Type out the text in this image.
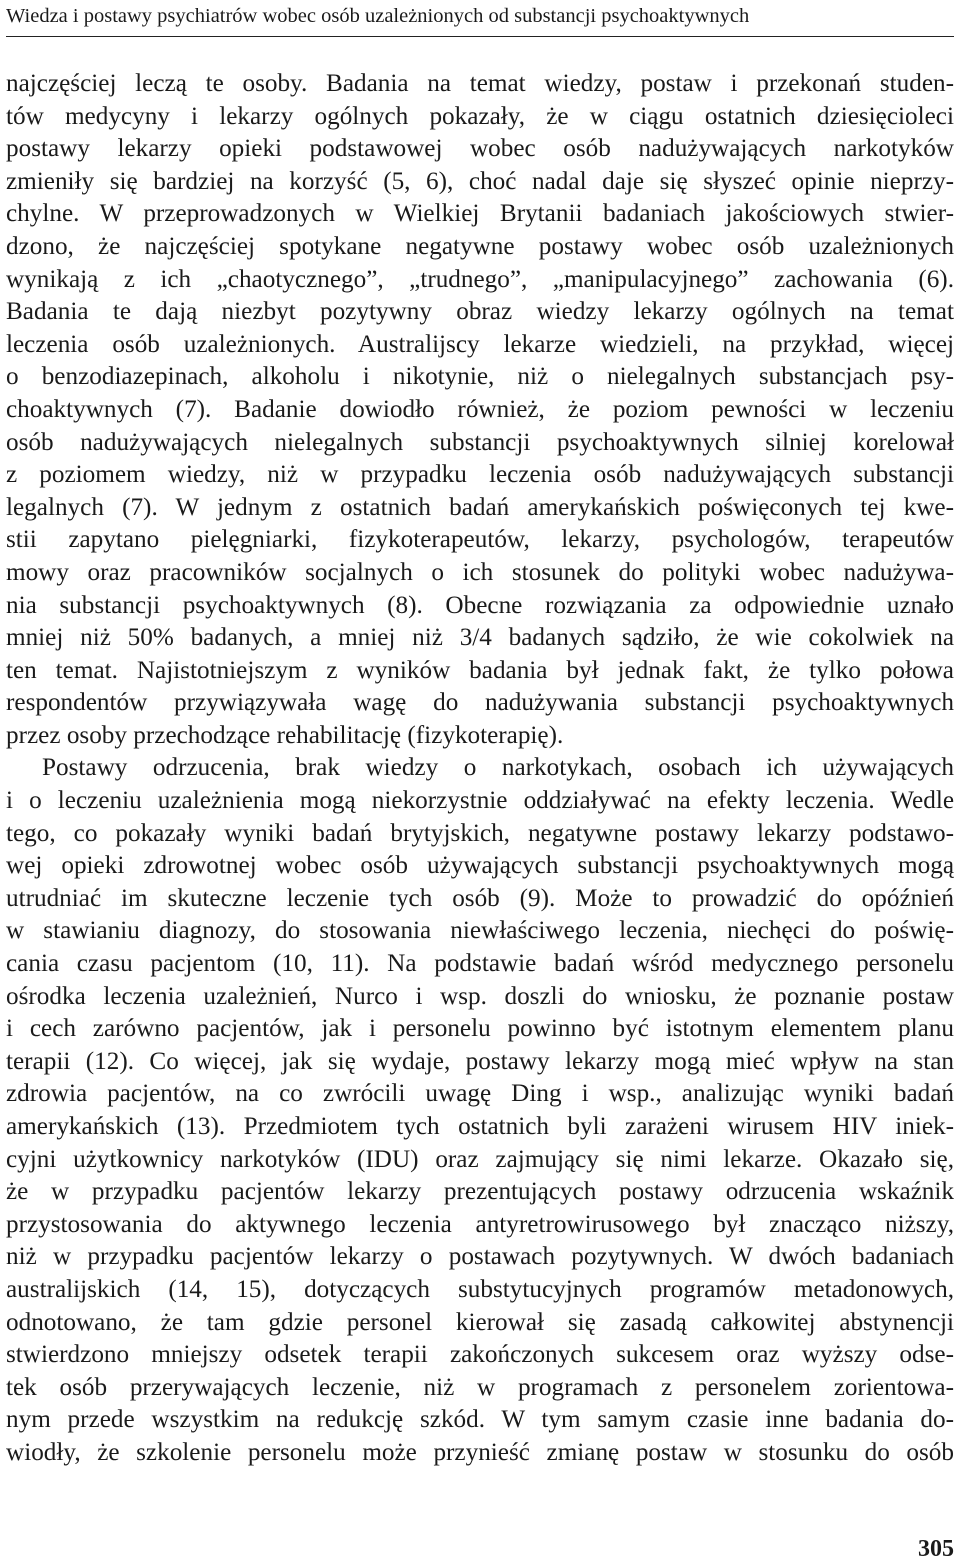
Wiedza i postawy psychiatrów wobec osób uzależnionych od substancji psychoaktywnych
najczęściej leczą te osoby. Badania na temat wiedzy, postaw i przekonań studen-
tów medycyny i lekarzy ogólnych pokazały, że w ciągu ostatnich dziesięcioleci
postawy lekarzy opieki podstawowej wobec osób nadużywających narkotyków
zmieniły się bardziej na korzyść (5, 6), choć nadal daje się słyszeć opinie nieprzy-
chylne. W przeprowadzonych w Wielkiej Brytanii badaniach jakościowych stwier-
dzono, że najczęściej spotykane negatywne postawy wobec osób uzależnionych
wynikają z ich „chaotycznego”, „trudnego”, „manipulacyjnego” zachowania (6).
Badania te dają niezbyt pozytywny obraz wiedzy lekarzy ogólnych na temat
leczenia osób uzależnionych. Australijscy lekarze wiedzieli, na przykład, więcej
o benzodiazepinach, alkoholu i nikotynie, niż o nielegalnych substancjach psy-
choaktywnych (7). Badanie dowiodło również, że poziom pewności w leczeniu
osób nadużywających nielegalnych substancji psychoaktywnych silniej korelował
z poziomem wiedzy, niż w przypadku leczenia osób nadużywających substancji
legalnych (7). W jednym z ostatnich badań amerykańskich poświęconych tej kwe-
stii zapytano pielęgniarki, fizykoterapeutów, lekarzy, psychologów, terapeutów
mowy oraz pracowników socjalnych o ich stosunek do polityki wobec nadużywa-
nia substancji psychoaktywnych (8). Obecne rozwiązania za odpowiednie uznało
mniej niż 50% badanych, a mniej niż 3/4 badanych sądziło, że wie cokolwiek na
ten temat. Najistotniejszym z wyników badania był jednak fakt, że tylko połowa
respondentów przywiązywała wagę do nadużywania substancji psychoaktywnych
przez osoby przechodzące rehabilitację (fizykoterapię).
Postawy odrzucenia, brak wiedzy o narkotykach, osobach ich używających
i o leczeniu uzależnienia mogą niekorzystnie oddziaływać na efekty leczenia. Wedle
tego, co pokazały wyniki badań brytyjskich, negatywne postawy lekarzy podstawo-
wej opieki zdrowotnej wobec osób używających substancji psychoaktywnych mogą
utrudniać im skuteczne leczenie tych osób (9). Może to prowadzić do opóźnień
w stawianiu diagnozy, do stosowania niewłaściwego leczenia, niechęci do poświę-
cania czasu pacjentom (10, 11). Na podstawie badań wśród medycznego personelu
ośrodka leczenia uzależnień, Nurco i wsp. doszli do wniosku, że poznanie postaw
i cech zarówno pacjentów, jak i personelu powinno być istotnym elementem planu
terapii (12). Co więcej, jak się wydaje, postawy lekarzy mogą mieć wpływ na stan
zdrowia pacjentów, na co zwrócili uwagę Ding i wsp., analizując wyniki badań
amerykańskich (13). Przedmiotem tych ostatnich byli zarażeni wirusem HIV iniek-
cyjni użytkownicy narkotyków (IDU) oraz zajmujący się nimi lekarze. Okazało się,
że w przypadku pacjentów lekarzy prezentujących postawy odrzucenia wskaźnik
przystosowania do aktywnego leczenia antyretrowirusowego był znacząco niższy,
niż w przypadku pacjentów lekarzy o postawach pozytywnych. W dwóch badaniach
australijskich (14, 15), dotyczących substytucyjnych programów metadonowych,
odnotowano, że tam gdzie personel kierował się zasadą całkowitej abstynencji
stwierdzono mniejszy odsetek terapii zakończonych sukcesem oraz wyższy odse-
tek osób przerywających leczenie, niż w programach z personelem zorientowa-
nym przede wszystkim na redukcję szkód. W tym samym czasie inne badania do-
wiodły, że szkolenie personelu może przynieść zmianę postaw w stosunku do osób
305
